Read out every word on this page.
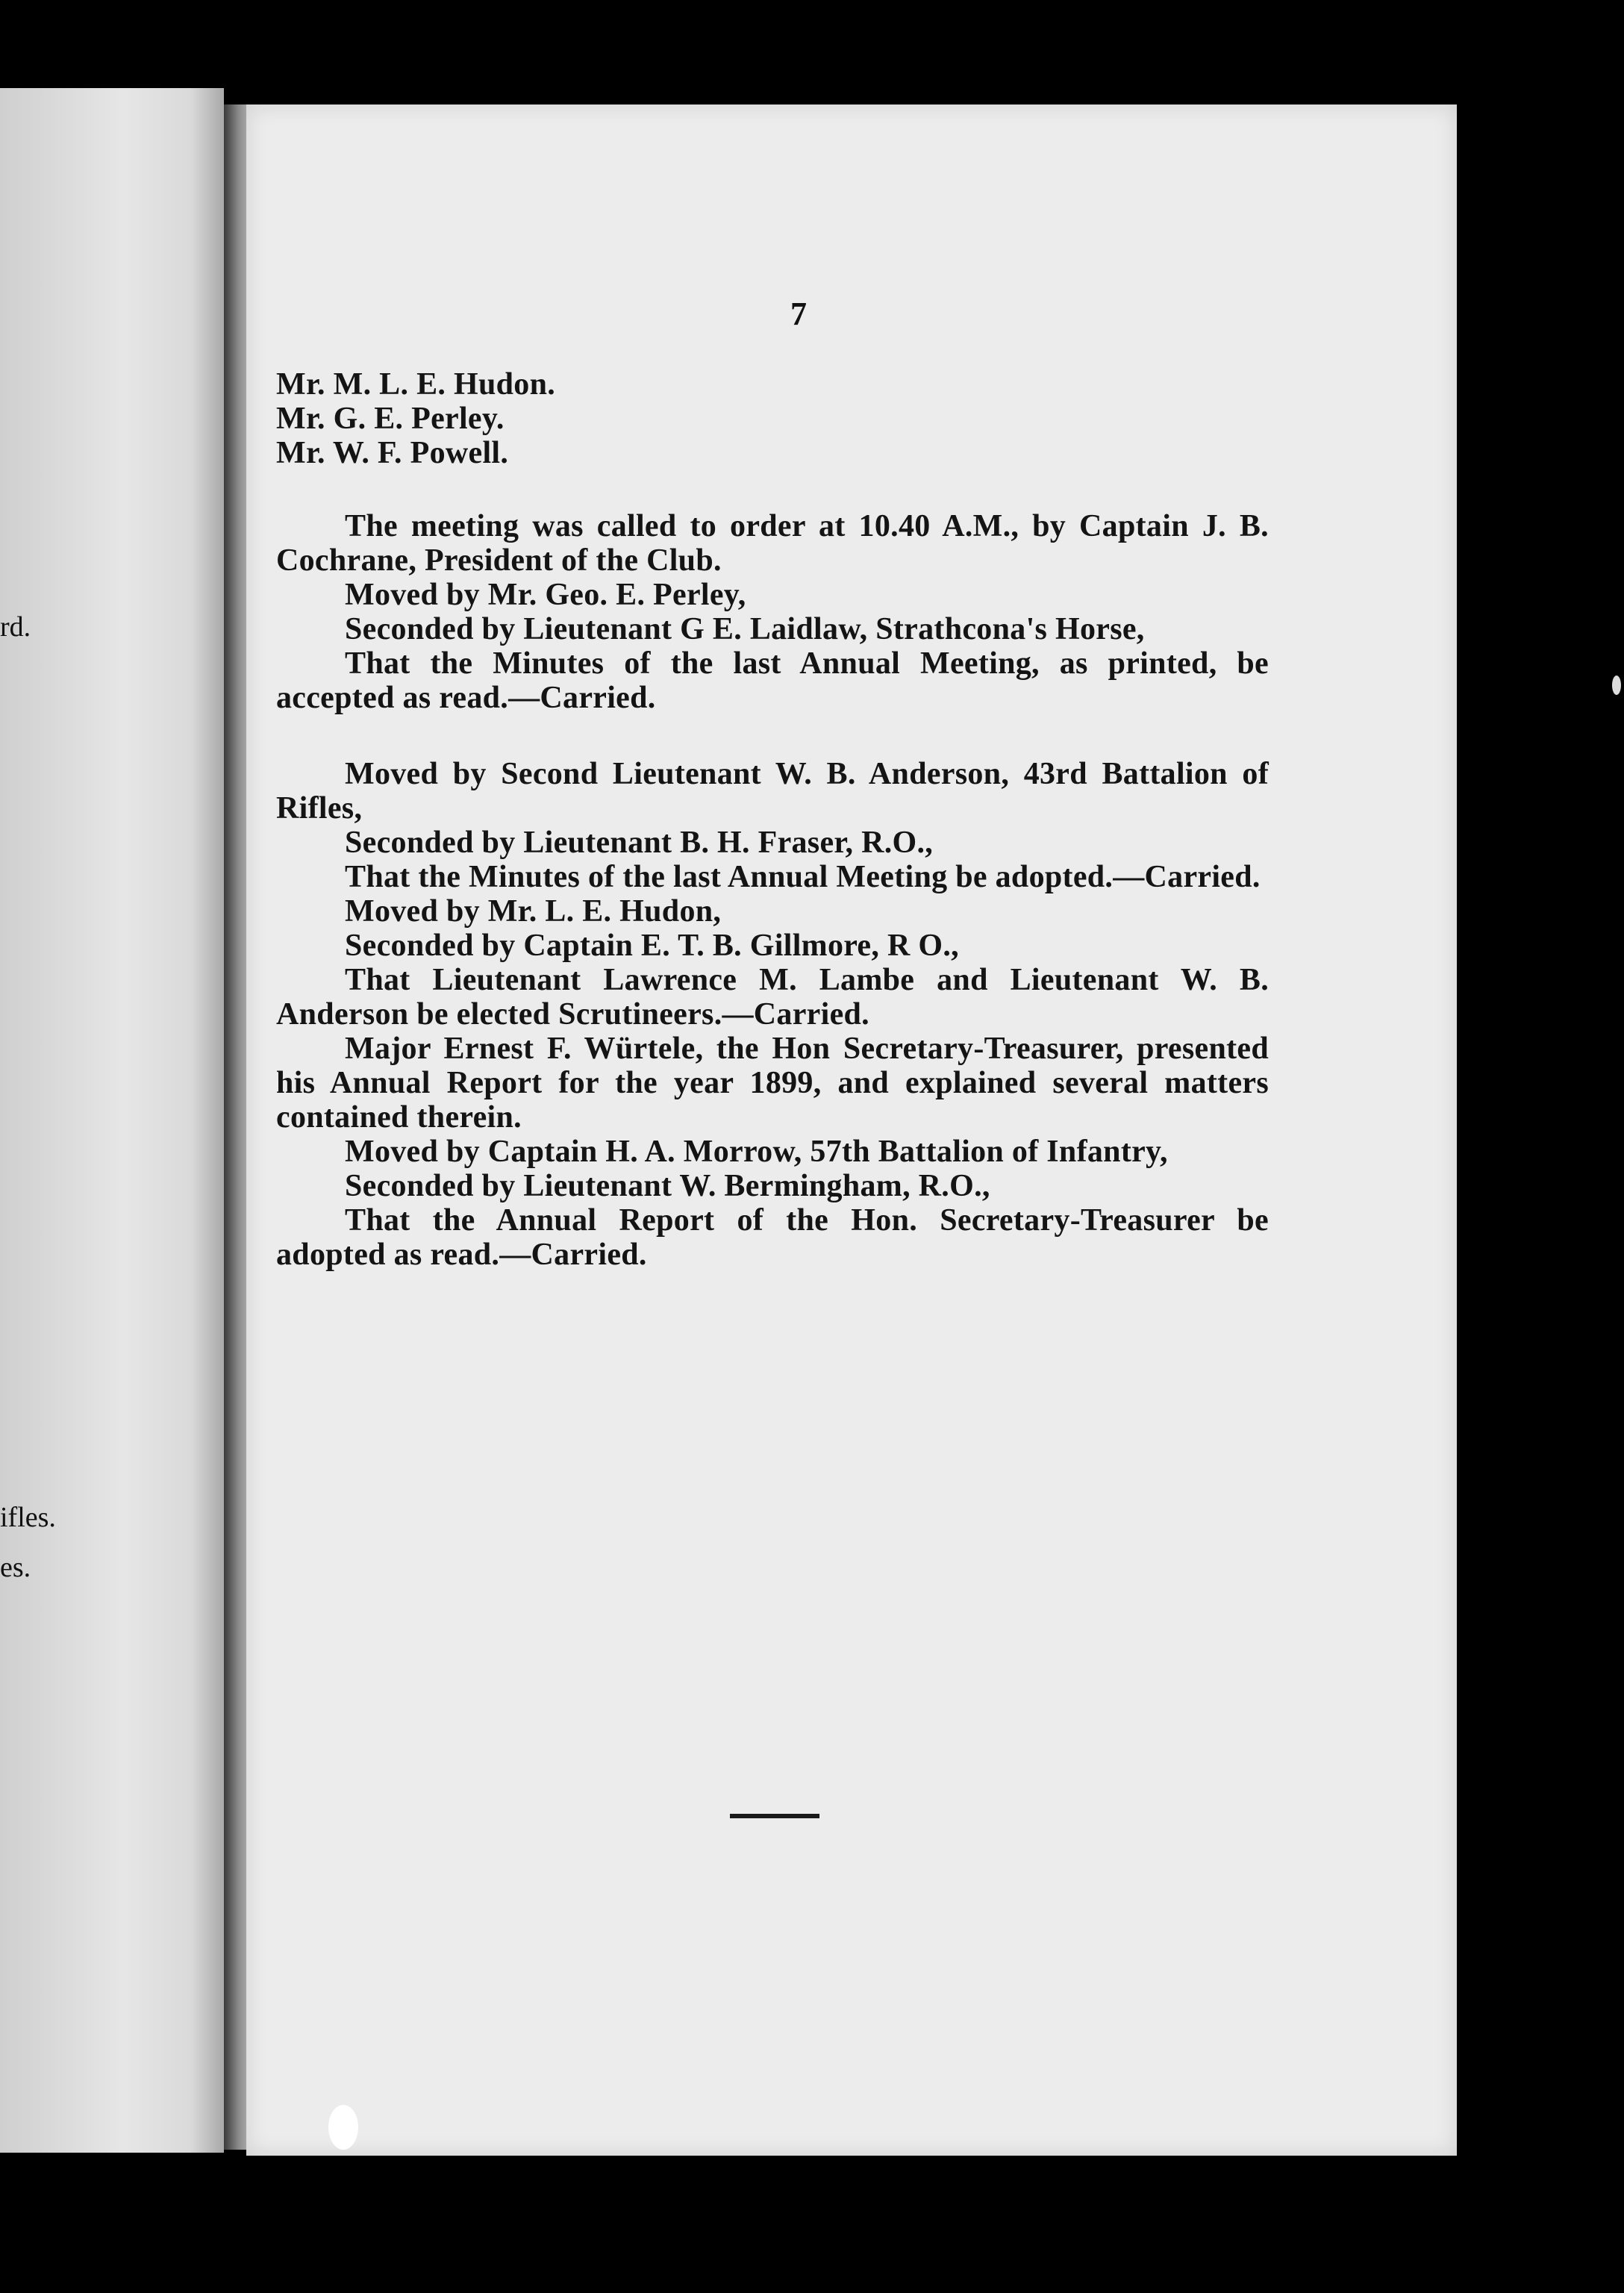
rd.
ifles.
es.
7

Mr. M. L. E. Hudon.

Mr. G. E. Perley.

Mr. W. F. Powell.

The meeting was called to order at 10.40 A.M., by Captain J. B. Cochrane, President of the Club.

Moved by Mr. Geo. E. Perley,

Seconded by Lieutenant G E. Laidlaw, Strathcona's Horse,

That the Minutes of the last Annual Meeting, as printed, be accepted as read.—Carried.

Moved by Second Lieutenant W. B. Anderson, 43rd Battalion of Rifles,

Seconded by Lieutenant B. H. Fraser, R.O.,

That the Minutes of the last Annual Meeting be adopted.—Carried.

Moved by Mr. L. E. Hudon,

Seconded by Captain E. T. B. Gillmore, R O.,

That Lieutenant Lawrence M. Lambe and Lieutenant W. B. Anderson be elected Scrutineers.—Carried.

Major Ernest F. Würtele, the Hon Secretary-Treasurer, presented his Annual Report for the year 1899, and explained several matters contained therein.

Moved by Captain H. A. Morrow, 57th Battalion of Infantry,

Seconded by Lieutenant W. Bermingham, R.O.,

That the Annual Report of the Hon. Secretary-Treasurer be adopted as read.—Carried.
